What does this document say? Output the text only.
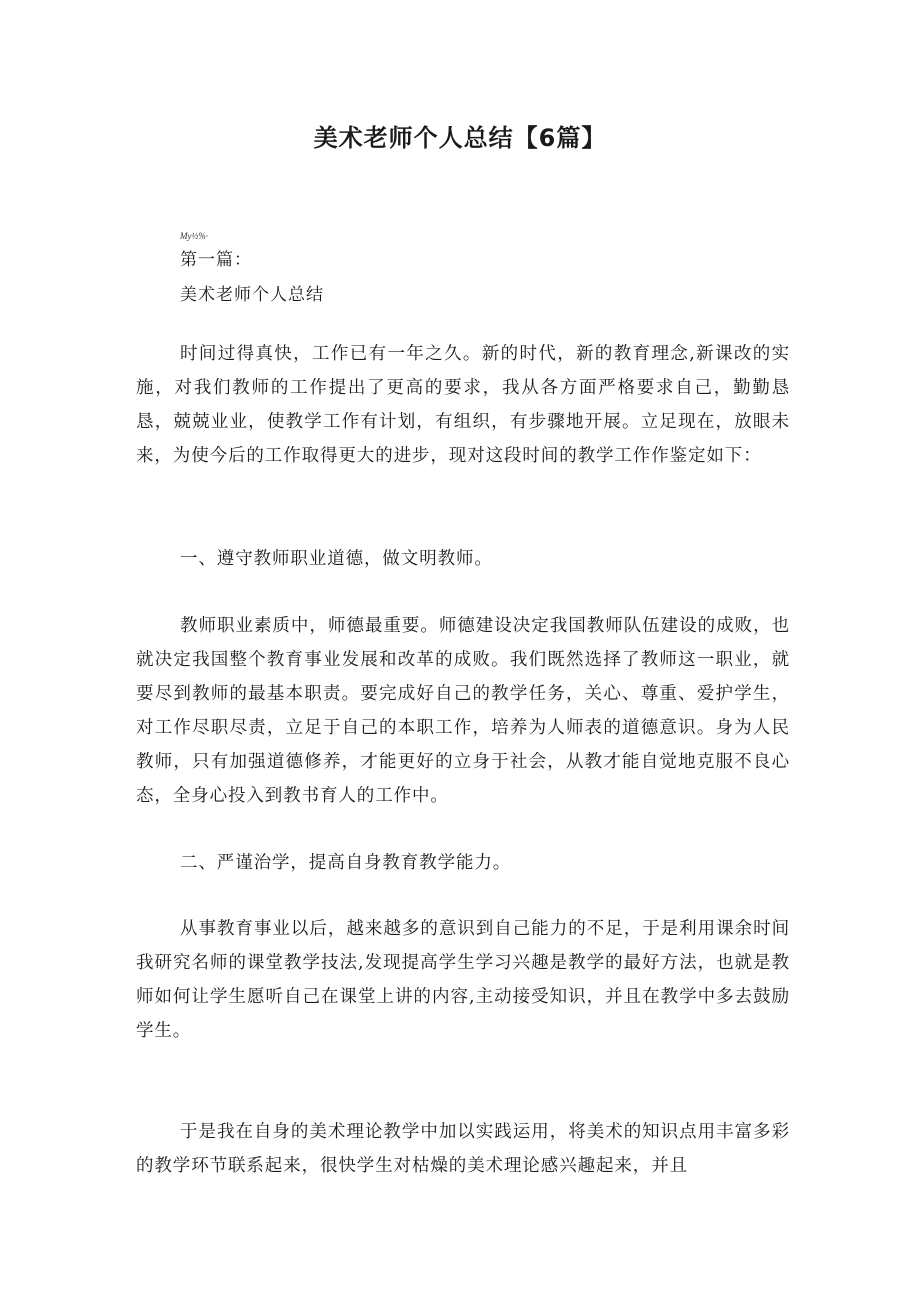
美术老师个人总结【6篇】
My½%·
第一篇：
美术老师个人总结

时间过得真快，工作已有一年之久。新的时代，新的教育理念,新课改的实施，对我们教师的工作提出了更高的要求，我从各方面严格要求自己，勤勤恳恳，兢兢业业，使教学工作有计划，有组织，有步骤地开展。立足现在，放眼未来，为使今后的工作取得更大的进步，现对这段时间的教学工作作鉴定如下：

一、遵守教师职业道德，做文明教师。

教师职业素质中，师德最重要。师德建设决定我国教师队伍建设的成败，也就决定我国整个教育事业发展和改革的成败。我们既然选择了教师这一职业，就要尽到教师的最基本职责。要完成好自己的教学任务，关心、尊重、爱护学生，对工作尽职尽责，立足于自己的本职工作，培养为人师表的道德意识。身为人民教师，只有加强道德修养，才能更好的立身于社会，从教才能自觉地克服不良心态，全身心投入到教书育人的工作中。

二、严谨治学，提高自身教育教学能力。

从事教育事业以后，越来越多的意识到自己能力的不足，于是利用课余时间我研究名师的课堂教学技法,发现提高学生学习兴趣是教学的最好方法，也就是教师如何让学生愿听自己在课堂上讲的内容,主动接受知识，并且在教学中多去鼓励学生。

于是我在自身的美术理论教学中加以实践运用，将美术的知识点用丰富多彩的教学环节联系起来，很快学生对枯燥的美术理论感兴趣起来，并且
